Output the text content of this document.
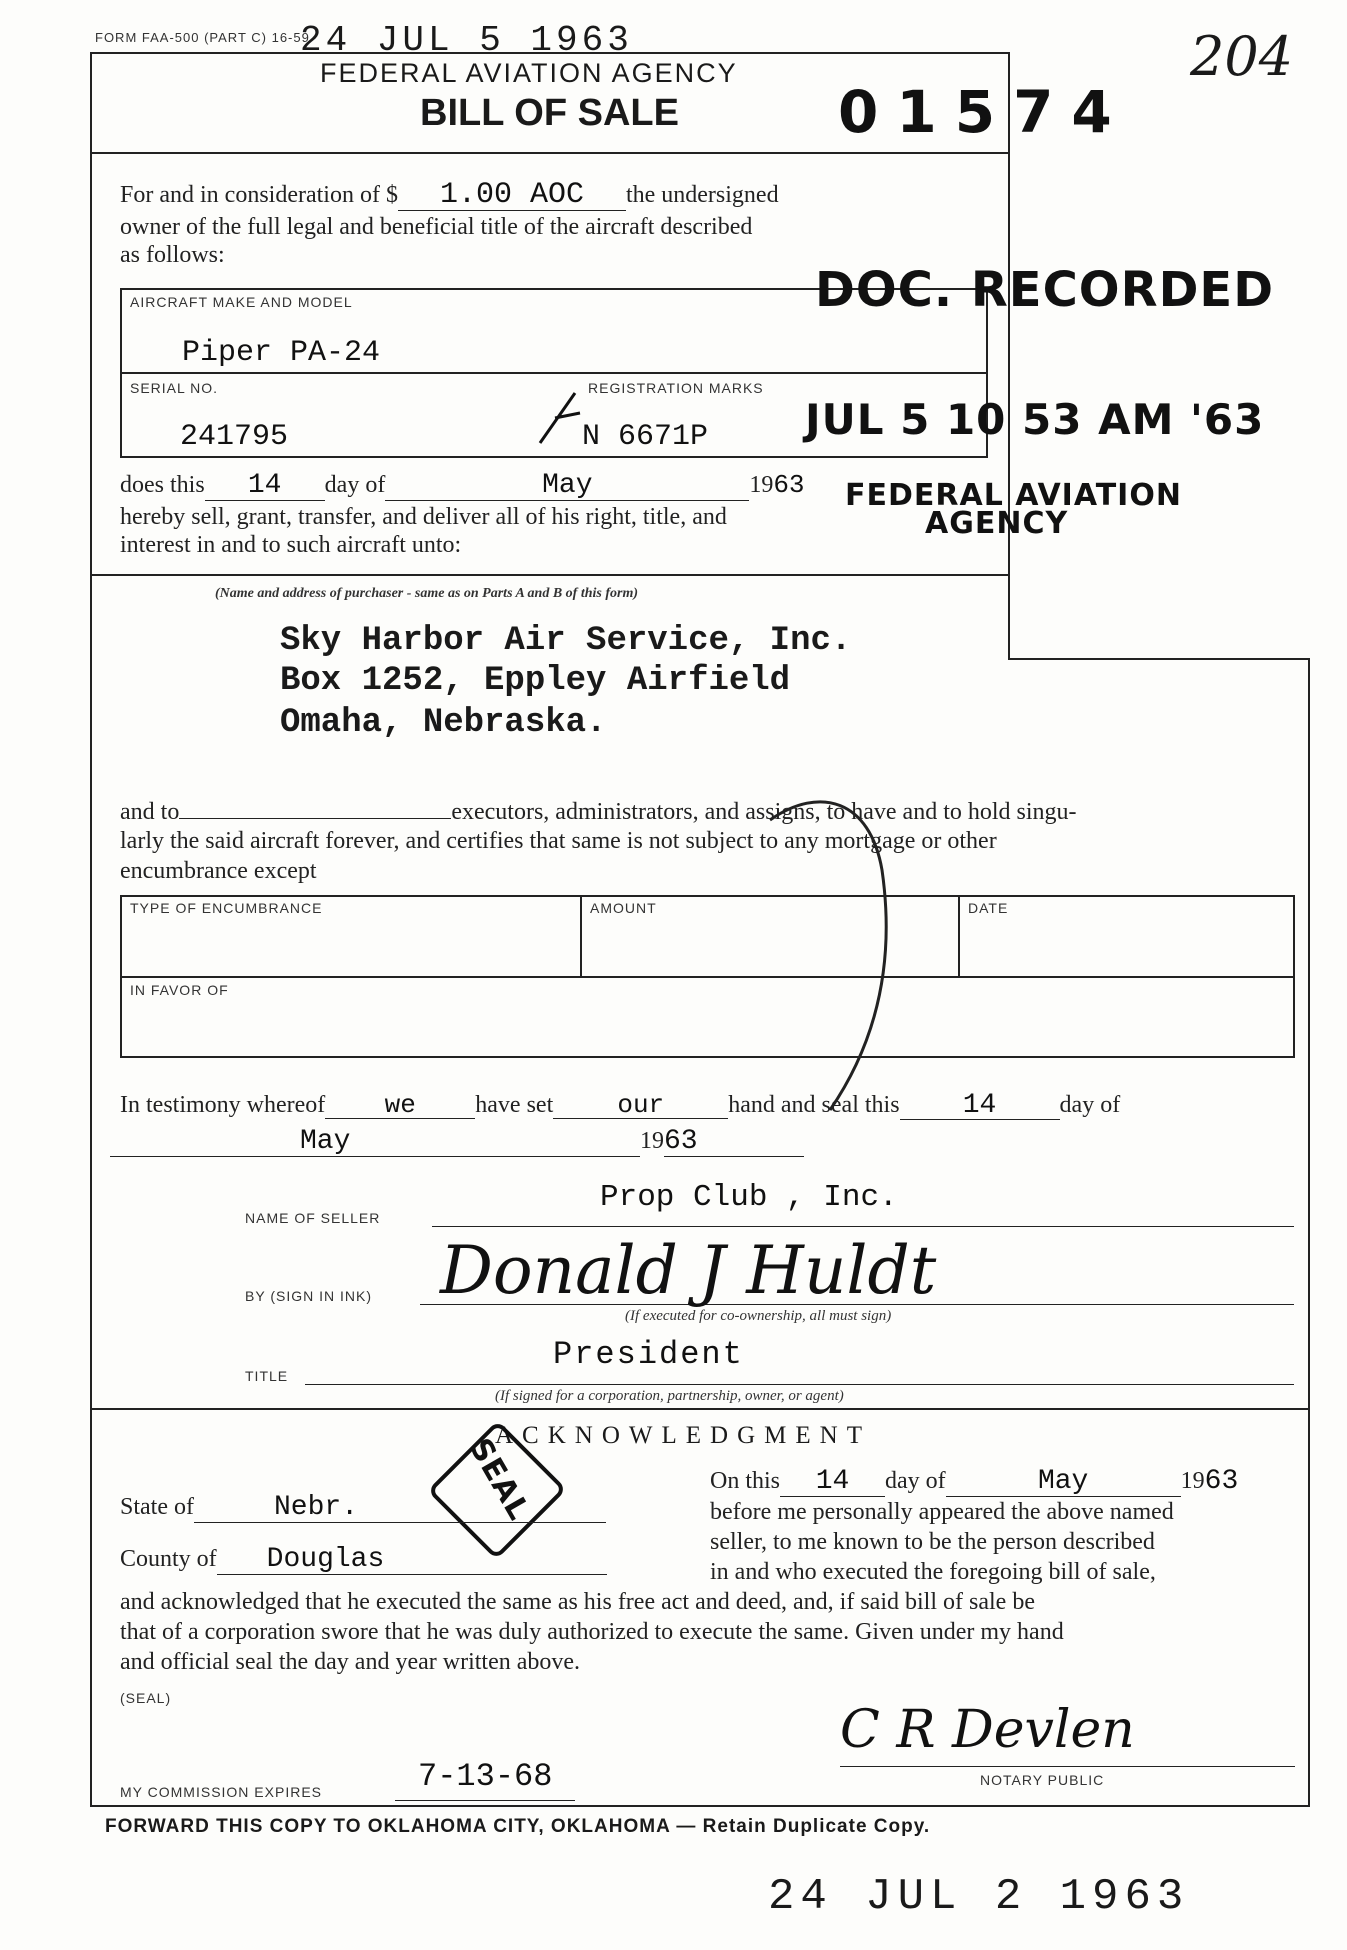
FORM FAA-500 (PART C) 16-59
24 JUL 5 1963	204
FEDERAL AVIATION AGENCY
BILL OF SALE	01574
For and in consideration of $ 1.00 AOC the undersigned
owner of the full legal and beneficial title of the aircraft described
as follows:
AIRCRAFT MAKE AND MODEL
Piper PA-24
SERIAL NO.
241795
REGISTRATION MARKS
N 6671P
DOC. RECORDED
JUL 5 10 53 AM '63
FEDERAL AVIATION
AGENCY
does this 14 day of	May	1963
hereby sell, grant, transfer, and deliver all of his right, title, and
interest in and to such aircraft unto:
(Name and address of purchaser - same as on Parts A and B of this form)
Sky Harbor Air Service, Inc.
Box 1252, Eppley Airfield
Omaha, Nebraska.
and to	executors, administrators, and assigns, to have and to hold singu-
larly the said aircraft forever, and certifies that same is not subject to any mortgage or other
encumbrance except
TYPE OF ENCUMBRANCE	AMOUNT	DATE
IN FAVOR OF
In testimony whereof we have set our	hand and seal this 14	day of
May	1963
NAME OF SELLER
Prop Club , Inc.
BY (SIGN IN INK) Donald J Huldt
(If executed for co-ownership, all must sign)
TITLE
President
(If signed for a corporation, partnership, owner, or agent)
ACKNOWLEDGMENT
SEAL
State of	Nebr.
County of Douglas
On this 14 day of	May	1963
before me personally appeared the above named
seller, to me known to be the person described
in and who executed the foregoing bill of sale,
and acknowledged that he executed the same as his free act and deed, and, if said bill of sale be
that of a corporation swore that he was duly authorized to execute the same. Given under my hand
and official seal the day and year written above.
(SEAL)
MY COMMISSION EXPIRES	7-13-68
C R Devlen
NOTARY PUBLIC
FORWARD THIS COPY TO OKLAHOMA CITY, OKLAHOMA — Retain Duplicate Copy.
24 JUL 2 1963
